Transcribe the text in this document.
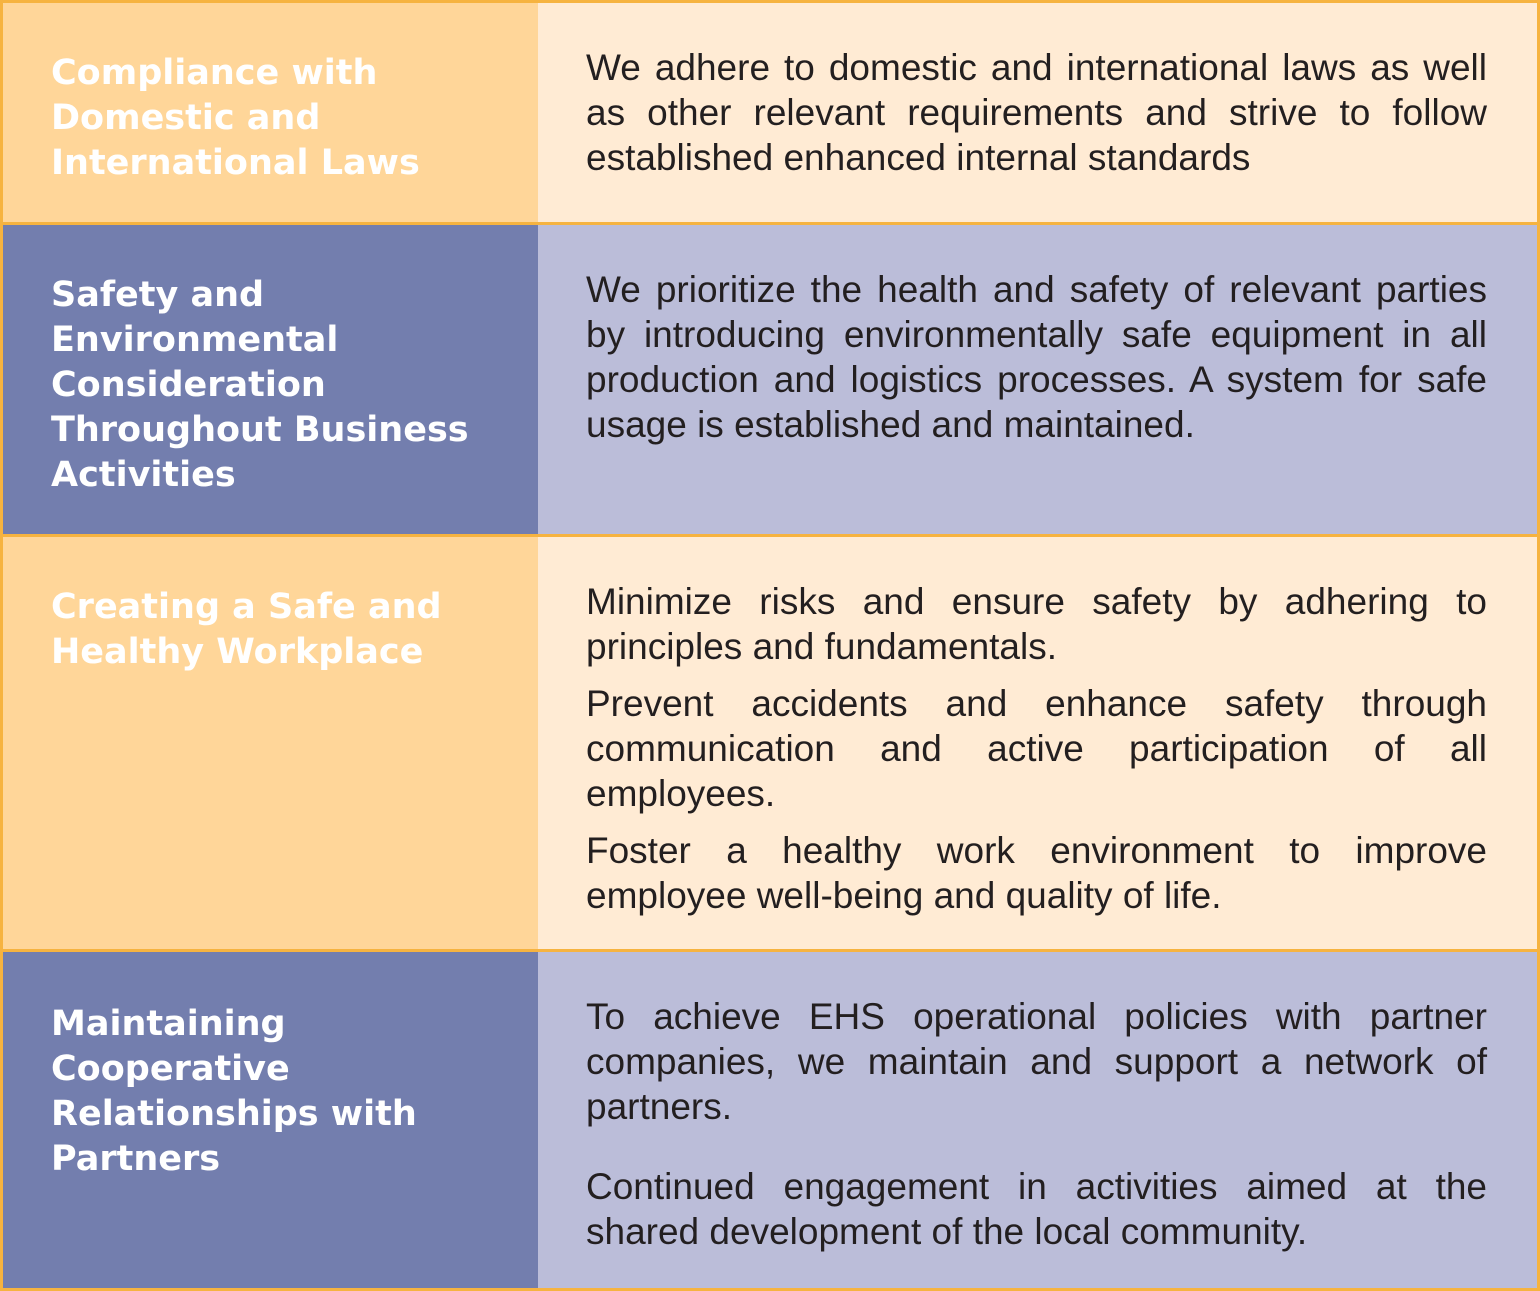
Compliance with Domestic and International Laws

We adhere to domestic and international laws as well as other relevant requirements and strive to follow established enhanced internal standards

Safety and Environmental Consideration Throughout Business Activities

We prioritize the health and safety of relevant parties by introducing environmentally safe equipment in all production and logistics processes. A system for safe usage is established and maintained.

Creating a Safe and Healthy Workplace

Minimize risks and ensure safety by adhering to principles and fundamentals.

Prevent accidents and enhance safety through communication and active participation of all employees.

Foster a healthy work environment to improve employee well-being and quality of life.

Maintaining Cooperative Relationships with Partners

To achieve EHS operational policies with partner companies, we maintain and support a network of partners.

Continued engagement in activities aimed at the shared development of the local community.
